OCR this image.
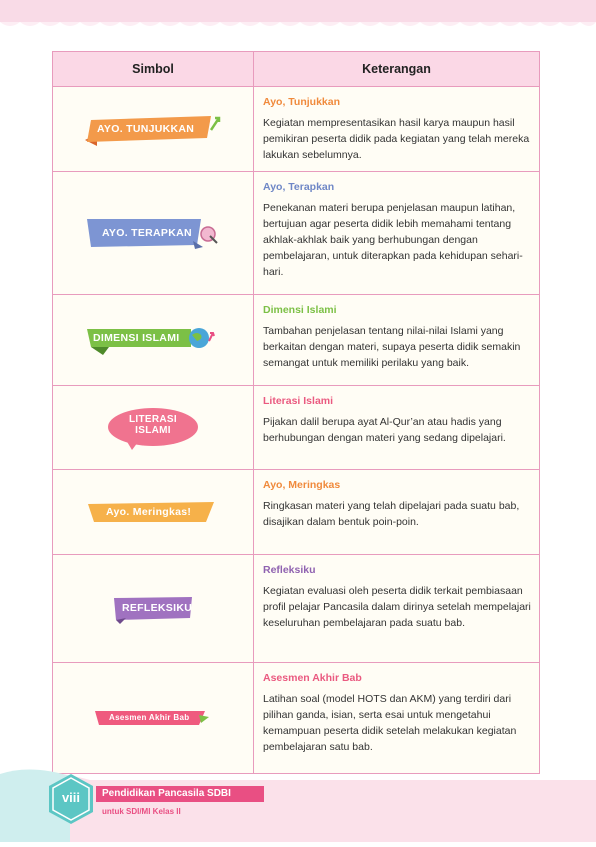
Simbol	Keterangan
AYO. TUNJUKKAN

Ayo, Tunjukkan

Kegiatan mempresentasikan hasil karya maupun hasil pemikiran peserta didik pada kegiatan yang telah mereka lakukan sebelumnya.

AYO. TERAPKAN

Ayo, Terapkan

Penekanan materi berupa penjelasan maupun latihan, bertujuan agar peserta didik lebih memahami tentang akhlak-akhlak baik yang berhubungan dengan pembelajaran, untuk diterapkan pada kehidupan sehari-hari.

DIMENSI ISLAMI

Dimensi Islami

Tambahan penjelasan tentang nilai-nilai Islami yang berkaitan dengan materi, supaya peserta didik semakin semangat untuk memiliki perilaku yang baik.

LITERASI ISLAMI

Literasi Islami

Pijakan dalil berupa ayat Al-Qur’an atau hadis yang berhubungan dengan materi yang sedang dipelajari.

Ayo. Meringkas!

Ayo, Meringkas

Ringkasan materi yang telah dipelajari pada suatu bab, disajikan dalam bentuk poin-poin.

REFLEKSIKU

Refleksiku

Kegiatan evaluasi oleh peserta didik terkait pembiasaan profil pelajar Pancasila dalam dirinya setelah mempelajari keseluruhan pembelajaran pada suatu bab.

Asesmen Akhir Bab

Asesmen Akhir Bab

Latihan soal (model HOTS dan AKM) yang terdiri dari pilihan ganda, isian, serta esai untuk mengetahui kemampuan peserta didik setelah melakukan kegiatan pembelajaran satu bab.

viii	Pendidikan Pancasila SDBI
untuk SDI/MI Kelas II
